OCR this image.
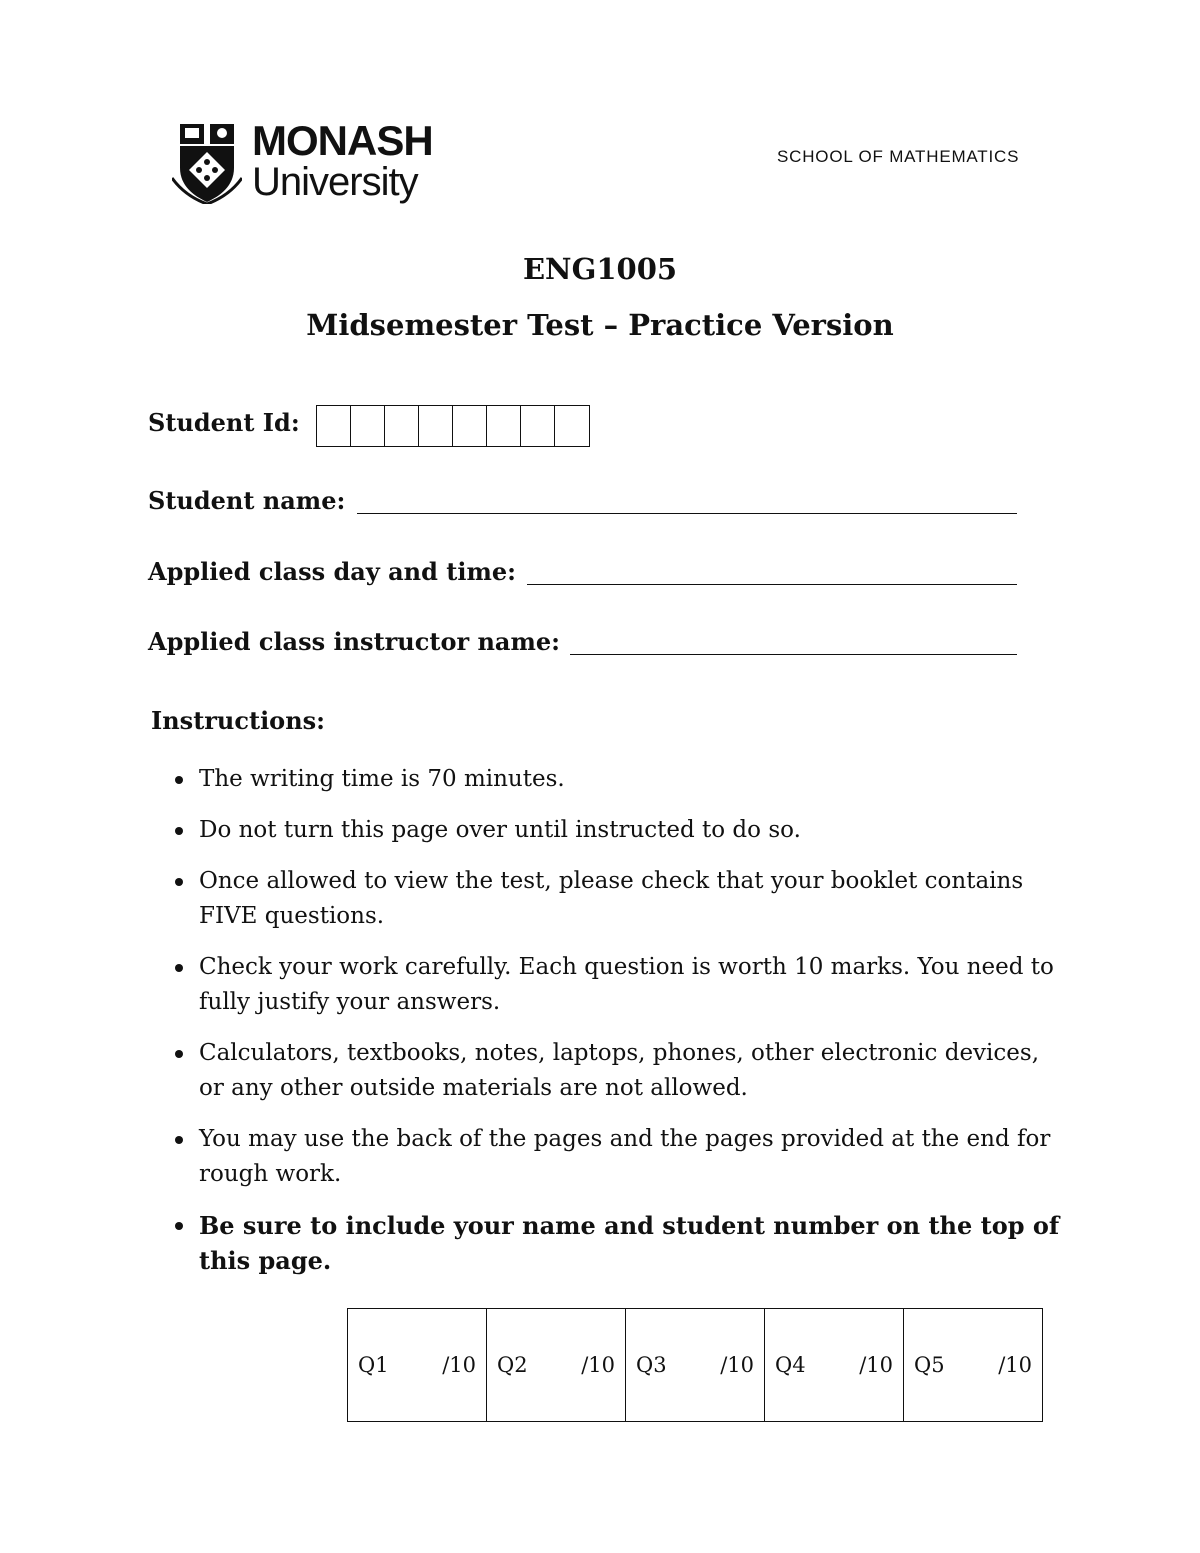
MONASH
University
SCHOOL OF MATHEMATICS
ENG1005
Midsemester Test – Practice Version
Student Id:
Student name:
Applied class day and time:
Applied class instructor name:
Instructions:
The writing time is 70 minutes.
Do not turn this page over until instructed to do so.
Once allowed to view the test, please check that your booklet contains FIVE questions.
Check your work carefully. Each question is worth 10 marks. You need to fully justify your answers.
Calculators, textbooks, notes, laptops, phones, other electronic devices, or any other outside materials are not allowed.
You may use the back of the pages and the pages provided at the end for rough work.
Be sure to include your name and student number on the top of this page.
Q1	/10	Q2	/10	Q3	/10	Q4	/10	Q5	/10
